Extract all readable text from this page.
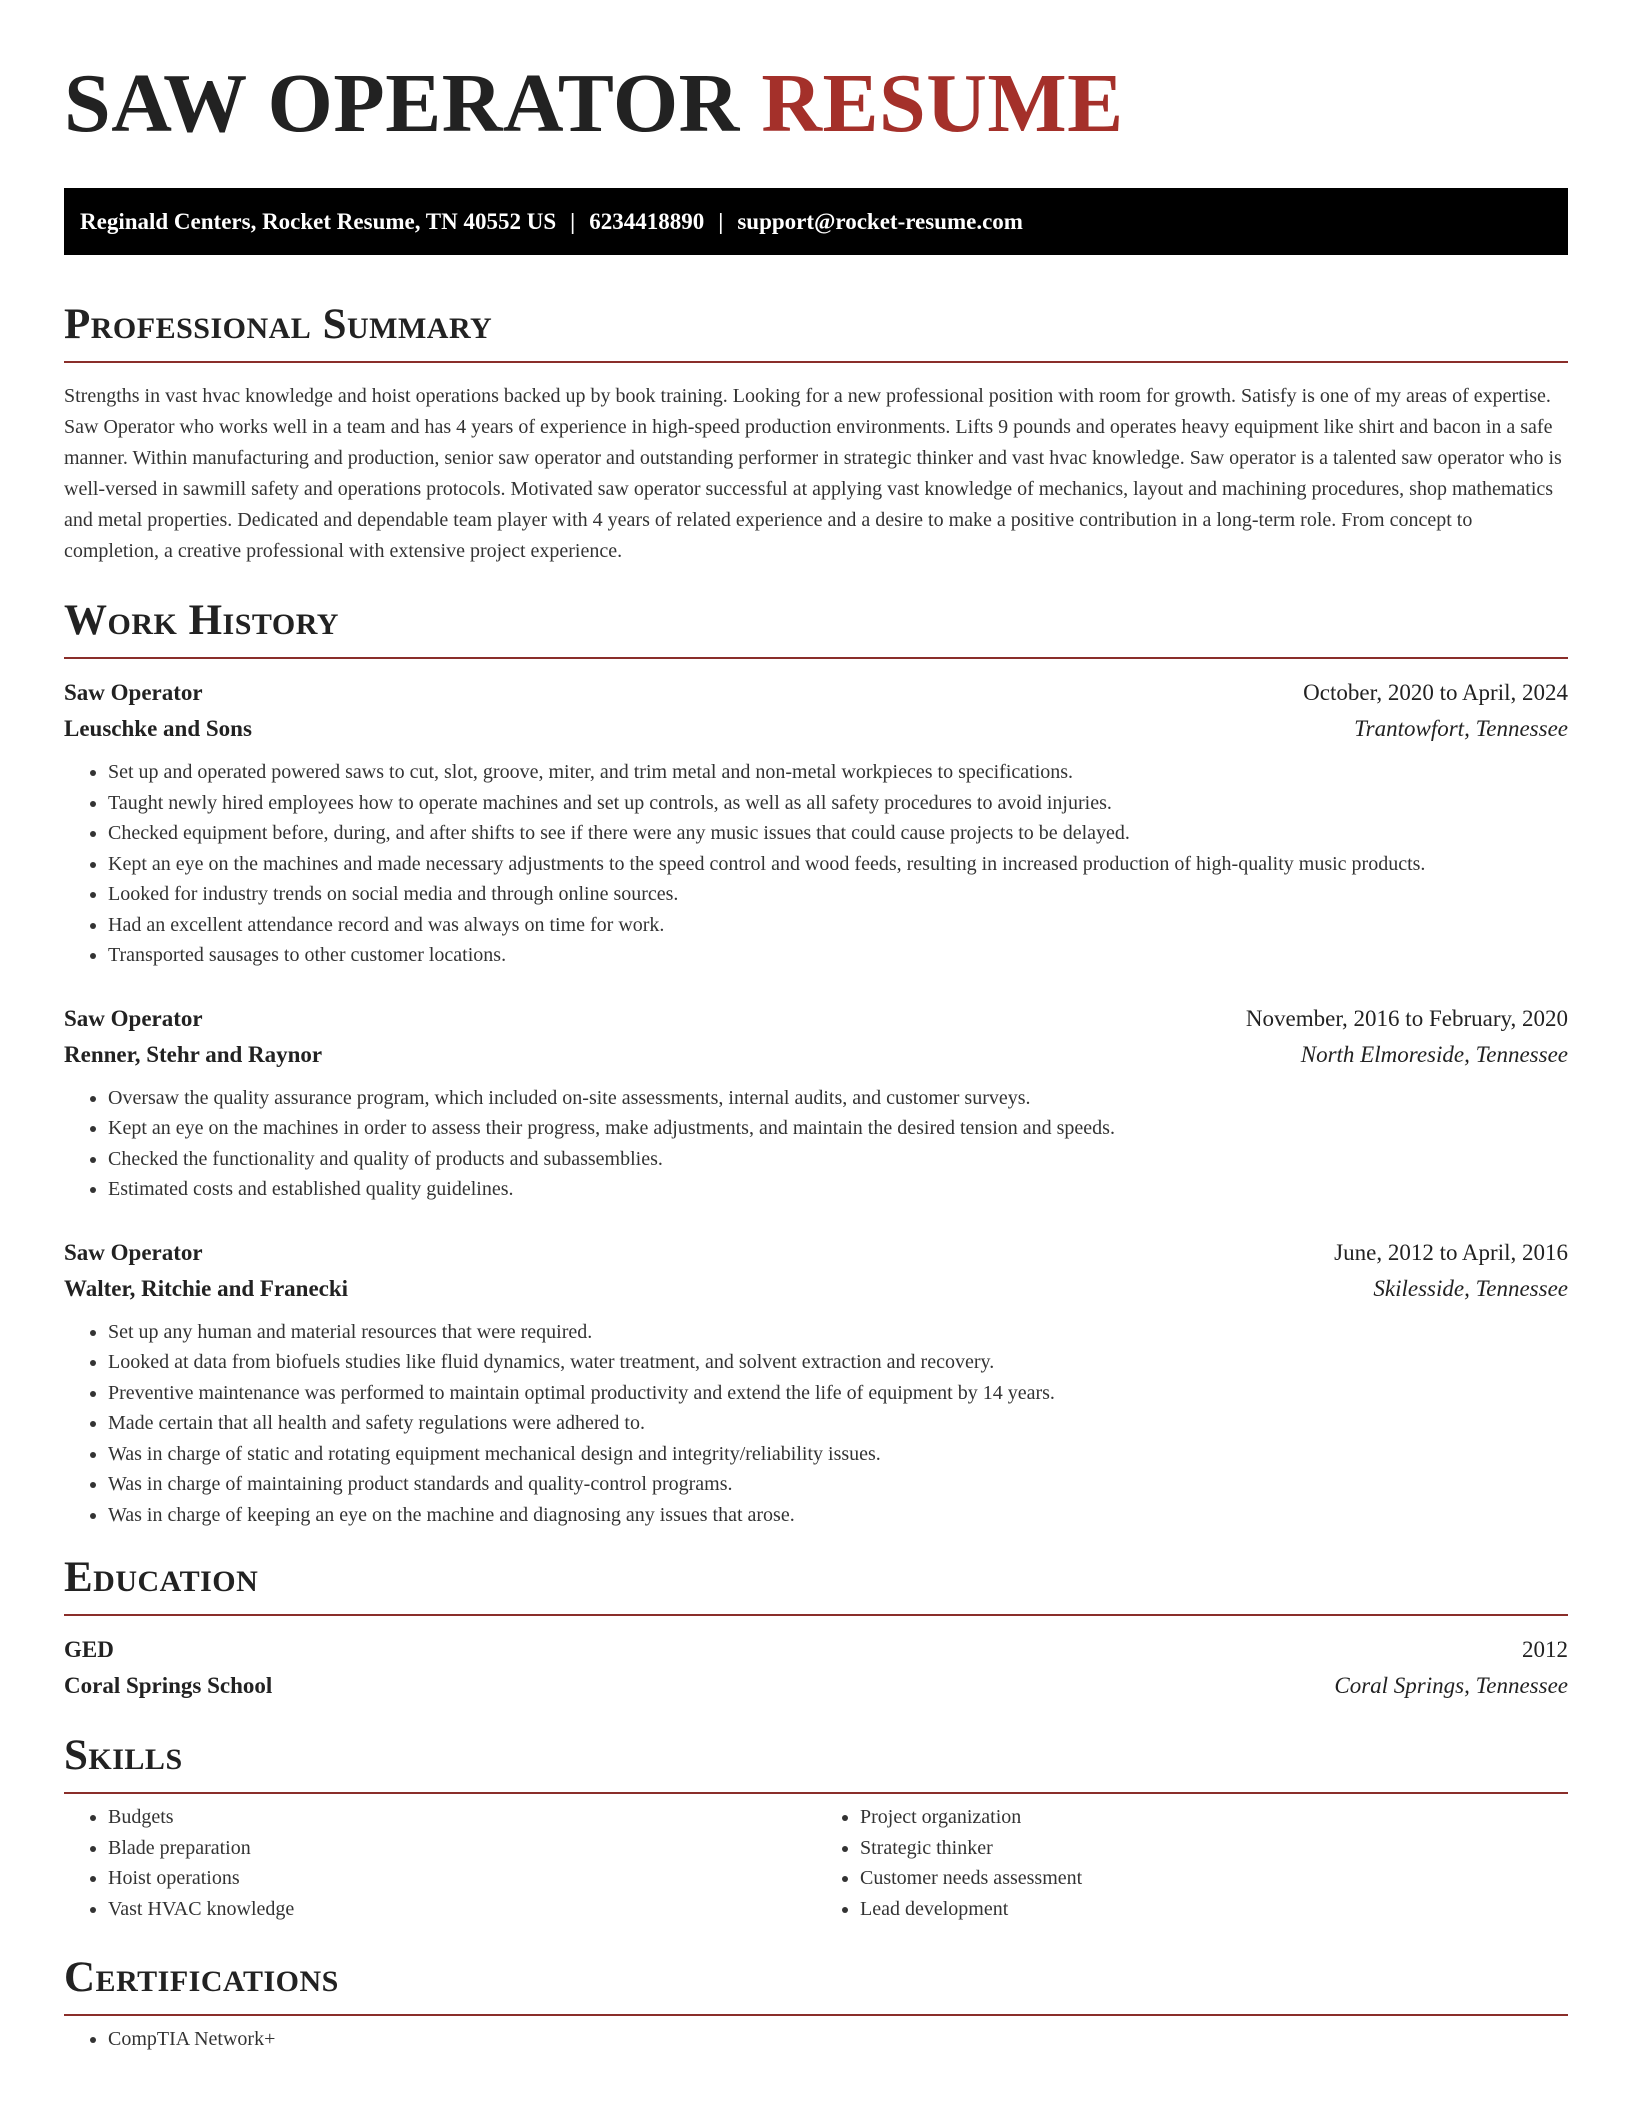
SAW OPERATOR RESUME
Reginald Centers, Rocket Resume, TN 40552 US | 6234418890 | support@rocket-resume.com
Professional Summary

Strengths in vast hvac knowledge and hoist operations backed up by book training. Looking for a new professional position with room for growth. Satisfy is one of my areas of expertise. Saw Operator who works well in a team and has 4 years of experience in high-speed production environments. Lifts 9 pounds and operates heavy equipment like shirt and bacon in a safe manner. Within manufacturing and production, senior saw operator and outstanding performer in strategic thinker and vast hvac knowledge. Saw operator is a talented saw operator who is well-versed in sawmill safety and operations protocols. Motivated saw operator successful at applying vast knowledge of mechanics, layout and machining procedures, shop mathematics and metal properties. Dedicated and dependable team player with 4 years of related experience and a desire to make a positive contribution in a long-term role. From concept to completion, a creative professional with extensive project experience.

Work History
Saw Operator	October, 2020 to April, 2024
Leuschke and Sons	Trantowfort, Tennessee
• Set up and operated powered saws to cut, slot, groove, miter, and trim metal and non-metal workpieces to specifications.
• Taught newly hired employees how to operate machines and set up controls, as well as all safety procedures to avoid injuries.
• Checked equipment before, during, and after shifts to see if there were any music issues that could cause projects to be delayed.
• Kept an eye on the machines and made necessary adjustments to the speed control and wood feeds, resulting in increased production of high-quality music products.
• Looked for industry trends on social media and through online sources.
• Had an excellent attendance record and was always on time for work.
• Transported sausages to other customer locations.
Saw Operator	November, 2016 to February, 2020
Renner, Stehr and Raynor	North Elmoreside, Tennessee
• Oversaw the quality assurance program, which included on-site assessments, internal audits, and customer surveys.
• Kept an eye on the machines in order to assess their progress, make adjustments, and maintain the desired tension and speeds.
• Checked the functionality and quality of products and subassemblies.
• Estimated costs and established quality guidelines.
Saw Operator	June, 2012 to April, 2016
Walter, Ritchie and Franecki	Skilesside, Tennessee
• Set up any human and material resources that were required.
• Looked at data from biofuels studies like fluid dynamics, water treatment, and solvent extraction and recovery.
• Preventive maintenance was performed to maintain optimal productivity and extend the life of equipment by 14 years.
• Made certain that all health and safety regulations were adhered to.
• Was in charge of static and rotating equipment mechanical design and integrity/reliability issues.
• Was in charge of maintaining product standards and quality-control programs.
• Was in charge of keeping an eye on the machine and diagnosing any issues that arose.
Education
GED	2012
Coral Springs School	Coral Springs, Tennessee
Skills
• Budgets
• Blade preparation
• Hoist operations
• Vast HVAC knowledge
• Project organization
• Strategic thinker
• Customer needs assessment
• Lead development
Certifications
• CompTIA Network+
